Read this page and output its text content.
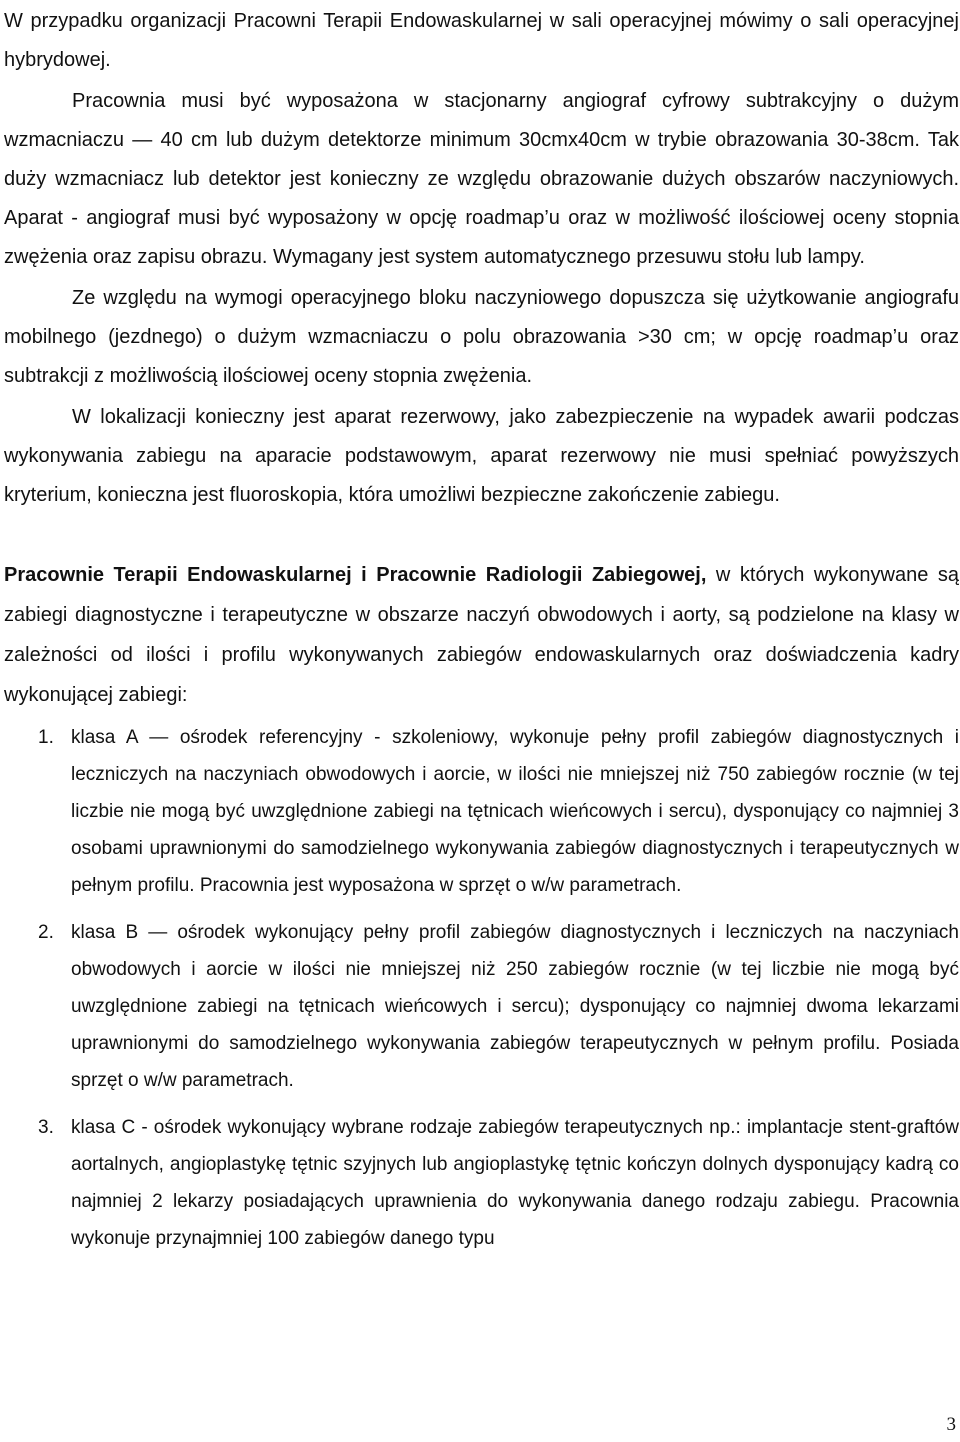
W przypadku organizacji Pracowni Terapii Endowaskularnej w sali operacyjnej mówimy o sali operacyjnej hybrydowej.

Pracownia musi być wyposażona w stacjonarny angiograf cyfrowy subtrakcyjny o dużym wzmacniaczu — 40 cm lub dużym detektorze minimum 30cmx40cm w trybie obrazowania 30-38cm. Tak duży wzmacniacz lub detektor jest konieczny ze względu obrazowanie dużych obszarów naczyniowych. Aparat - angiograf musi być wyposażony w opcję roadmap’u oraz w możliwość ilościowej oceny stopnia zwężenia oraz zapisu obrazu. Wymagany jest system automatycznego przesuwu stołu lub lampy.

Ze względu na wymogi operacyjnego bloku naczyniowego dopuszcza się użytkowanie angiografu mobilnego (jezdnego) o dużym wzmacniaczu o polu obrazowania >30 cm; w opcję roadmap’u oraz subtrakcji z możliwością ilościowej oceny stopnia zwężenia.

W lokalizacji konieczny jest aparat rezerwowy, jako zabezpieczenie na wypadek awarii podczas wykonywania zabiegu na aparacie podstawowym, aparat rezerwowy nie musi spełniać powyższych kryterium, konieczna jest fluoroskopia, która umożliwi bezpieczne zakończenie zabiegu.

Pracownie Terapii Endowaskularnej i Pracownie Radiologii Zabiegowej, w których wykonywane są zabiegi diagnostyczne i terapeutyczne w obszarze naczyń obwodowych i aorty, są podzielone na klasy w zależności od ilości i profilu wykonywanych zabiegów endowaskularnych oraz doświadczenia kadry wykonującej zabiegi:

1. klasa A — ośrodek referencyjny - szkoleniowy, wykonuje pełny profil zabiegów diagnostycznych i leczniczych na naczyniach obwodowych i aorcie, w ilości nie mniejszej niż 750 zabiegów rocznie (w tej liczbie nie mogą być uwzględnione zabiegi na tętnicach wieńcowych i sercu), dysponujący co najmniej 3 osobami uprawnionymi do samodzielnego wykonywania zabiegów diagnostycznych i terapeutycznych w pełnym profilu. Pracownia jest wyposażona w sprzęt o w/w parametrach.
2. klasa B — ośrodek wykonujący pełny profil zabiegów diagnostycznych i leczniczych na naczyniach obwodowych i aorcie w ilości nie mniejszej niż 250 zabiegów rocznie (w tej liczbie nie mogą być uwzględnione zabiegi na tętnicach wieńcowych i sercu); dysponujący co najmniej dwoma lekarzami uprawnionymi do samodzielnego wykonywania zabiegów terapeutycznych w pełnym profilu. Posiada sprzęt o w/w parametrach.
3. klasa C - ośrodek wykonujący wybrane rodzaje zabiegów terapeutycznych np.: implantacje stent-graftów aortalnych, angioplastykę tętnic szyjnych lub angioplastykę tętnic kończyn dolnych dysponujący kadrą co najmniej 2 lekarzy posiadających uprawnienia do wykonywania danego rodzaju zabiegu. Pracownia wykonuje przynajmniej 100 zabiegów danego typu
3
